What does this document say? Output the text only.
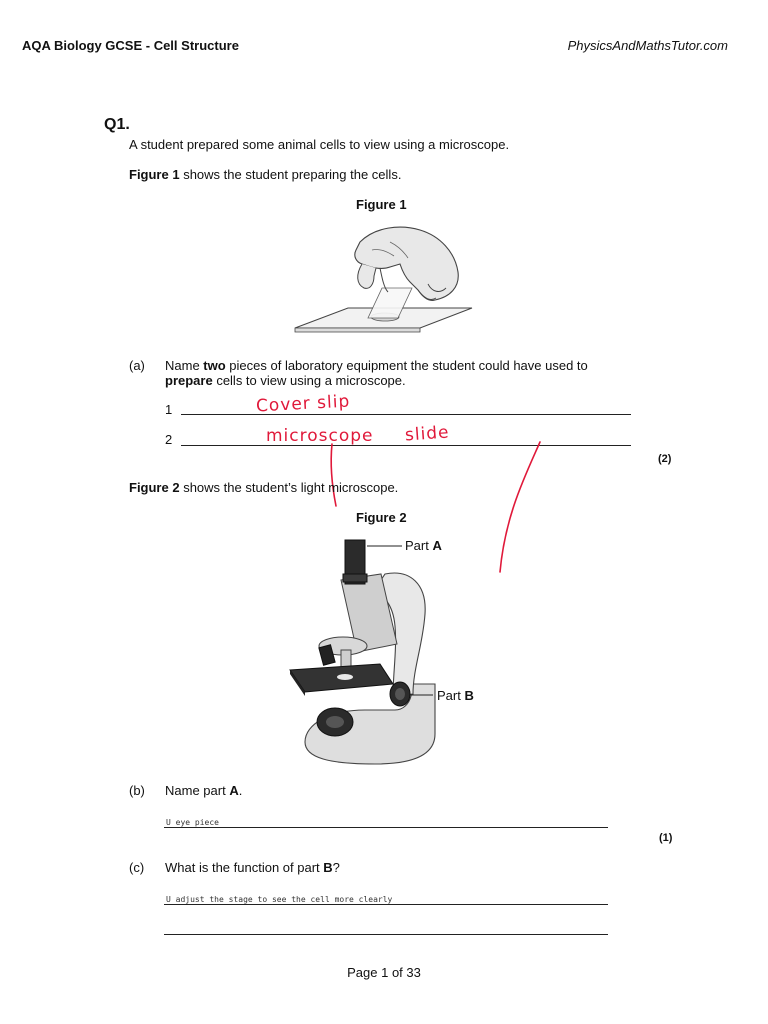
AQA Biology GCSE - Cell Structure	PhysicsAndMathsTutor.com
Q1.
A student prepared some animal cells to view using a microscope.
Figure 1 shows the student preparing the cells.
Figure 1
(a) Name two pieces of laboratory equipment the student could have used to
prepare cells to view using a microscope.
1	Cover slip
2	microscope slide
(2)
Figure 2 shows the student’s light microscope.
Figure 2
Part A
Part B
(b) Name part A.
U eye piece
(1)
(c) What is the function of part B?
U adjust the stage to see the cell more clearly
Page 1 of 33
